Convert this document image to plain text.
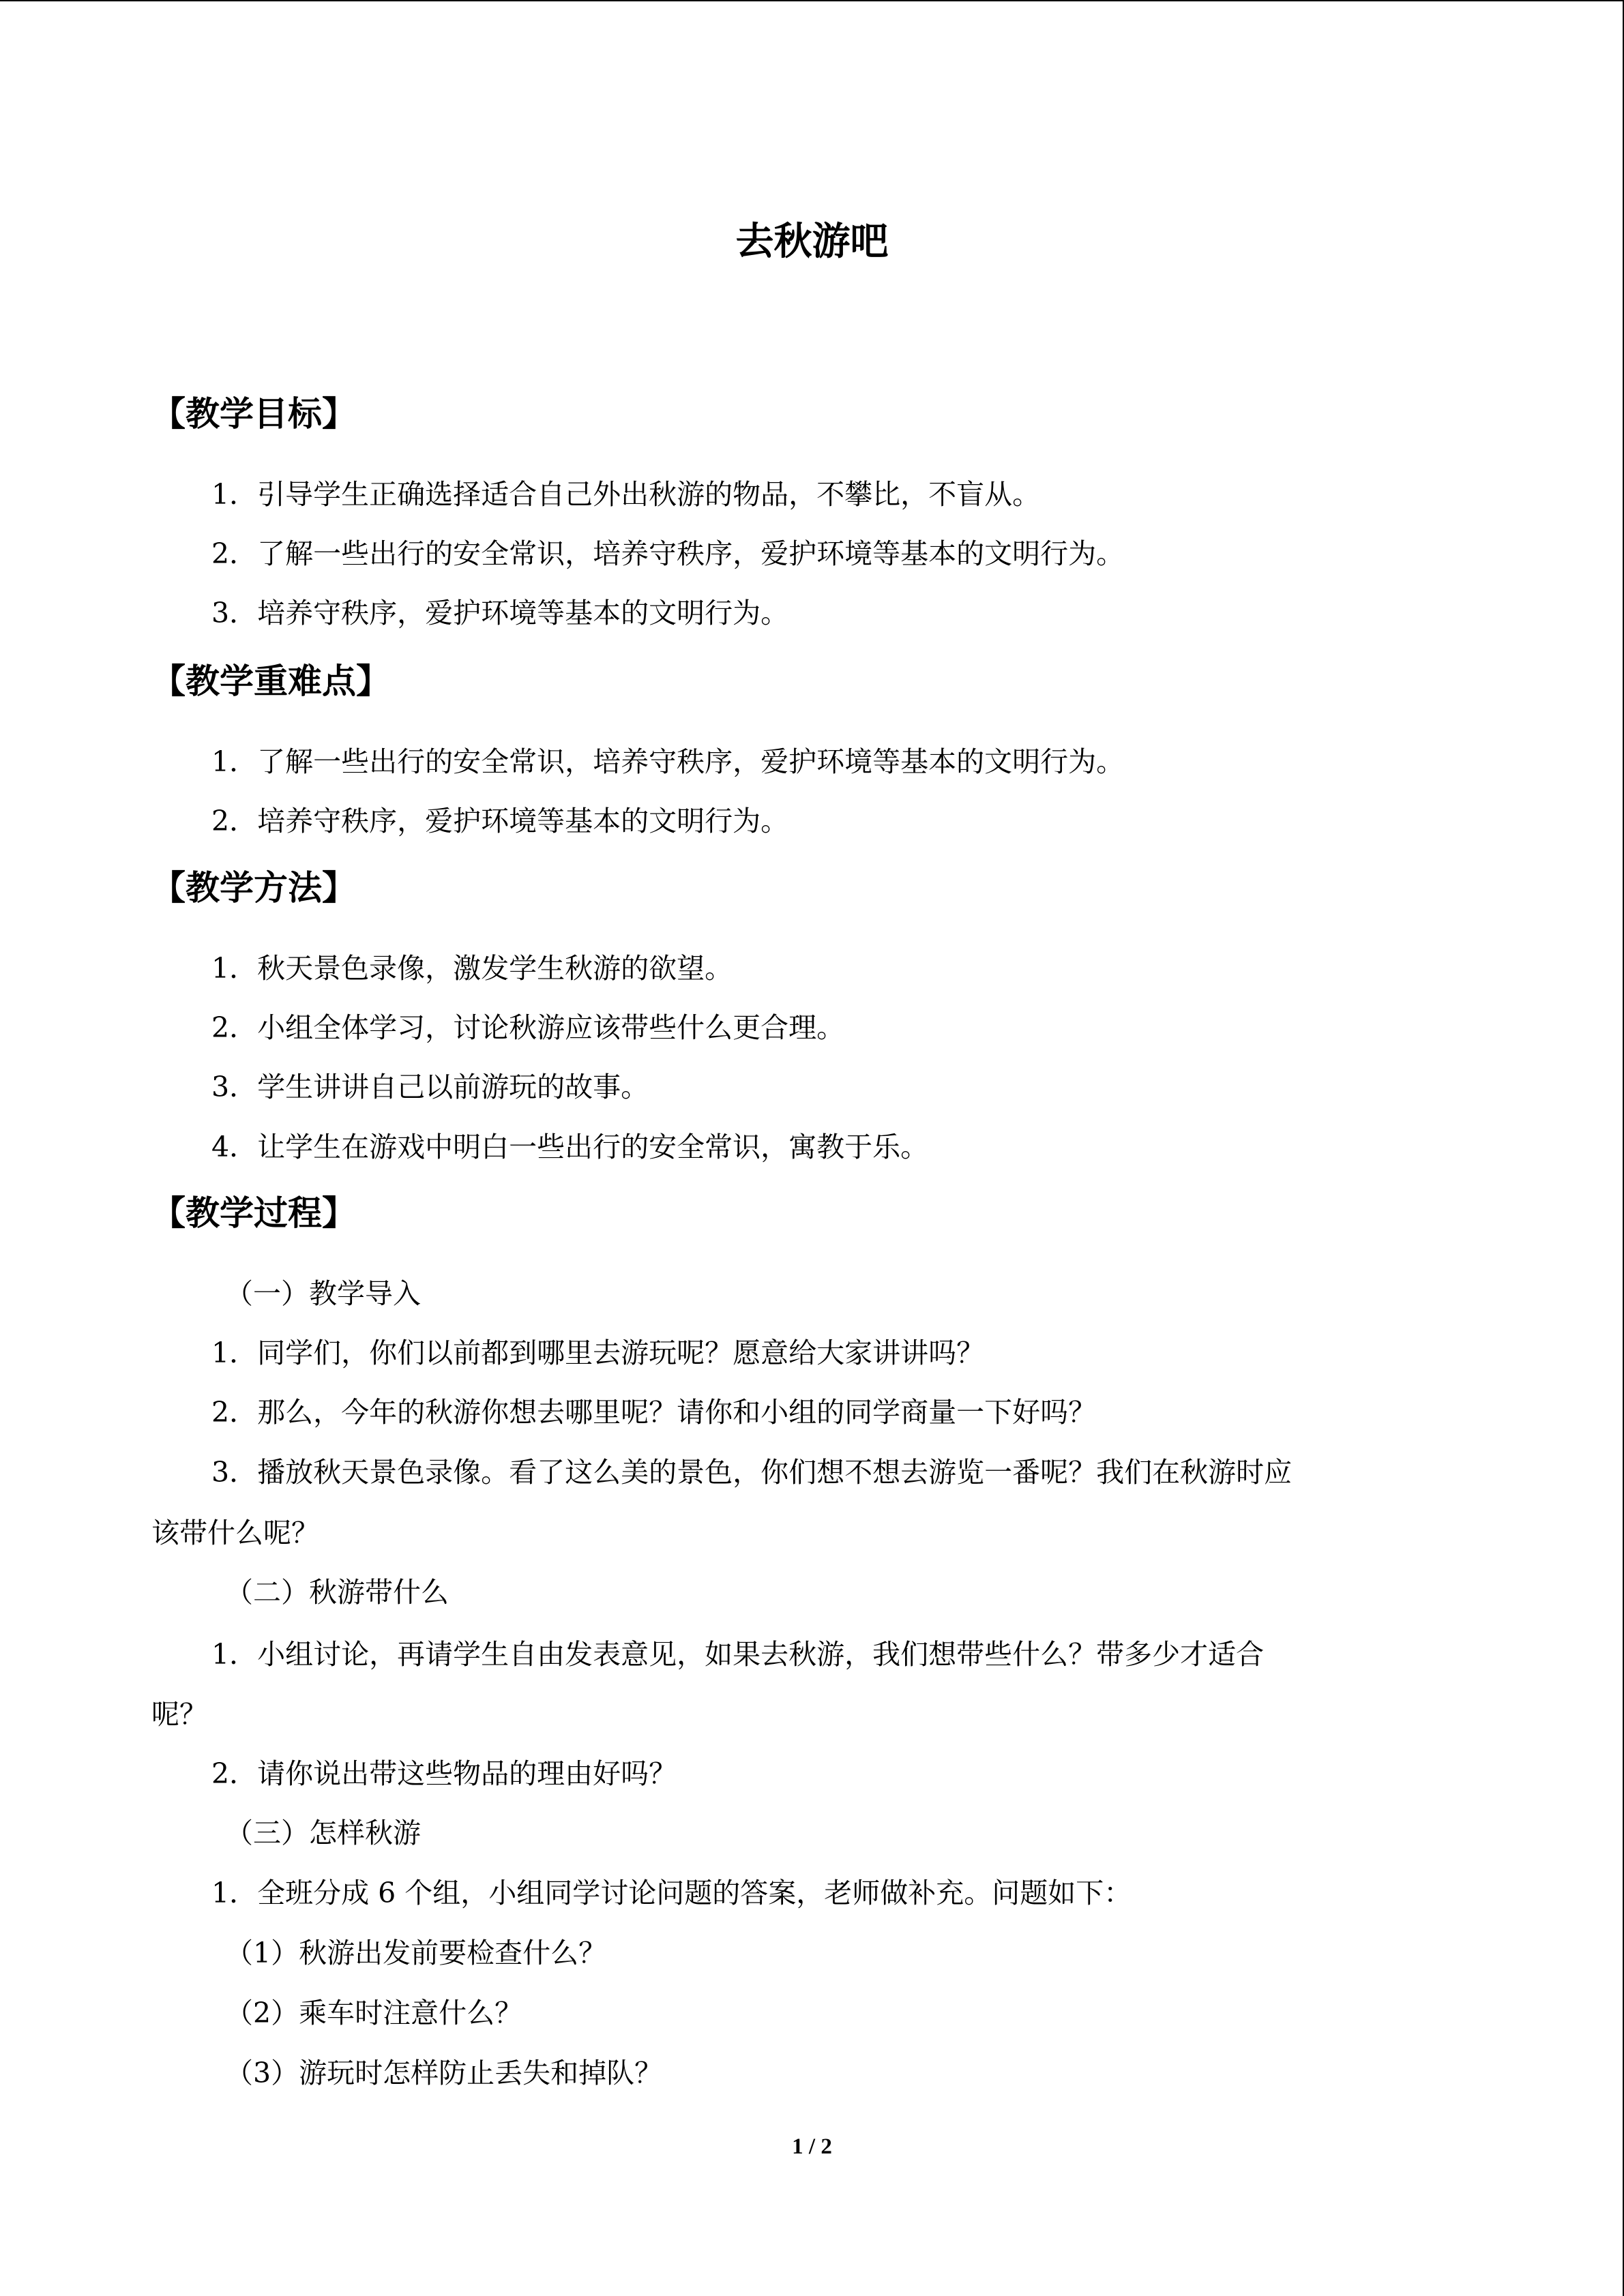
去秋游吧
【教学目标】
1．引导学生正确选择适合自己外出秋游的物品，不攀比，不盲从。
2．了解一些出行的安全常识，培养守秩序，爱护环境等基本的文明行为。
3．培养守秩序，爱护环境等基本的文明行为。
【教学重难点】
1．了解一些出行的安全常识，培养守秩序，爱护环境等基本的文明行为。
2．培养守秩序，爱护环境等基本的文明行为。
【教学方法】
1．秋天景色录像，激发学生秋游的欲望。
2．小组全体学习，讨论秋游应该带些什么更合理。
3．学生讲讲自己以前游玩的故事。
4．让学生在游戏中明白一些出行的安全常识，寓教于乐。
【教学过程】
（一）教学导入
1．同学们，你们以前都到哪里去游玩呢？愿意给大家讲讲吗？
2．那么，今年的秋游你想去哪里呢？请你和小组的同学商量一下好吗？
3．播放秋天景色录像。看了这么美的景色，你们想不想去游览一番呢？我们在秋游时应
该带什么呢？
（二）秋游带什么
1．小组讨论，再请学生自由发表意见，如果去秋游，我们想带些什么？带多少才适合
呢？
2．请你说出带这些物品的理由好吗？
（三）怎样秋游
1．全班分成 6 个组，小组同学讨论问题的答案，老师做补充。问题如下：
（1）秋游出发前要检查什么？
（2）乘车时注意什么？
（3）游玩时怎样防止丢失和掉队？
1 / 2
